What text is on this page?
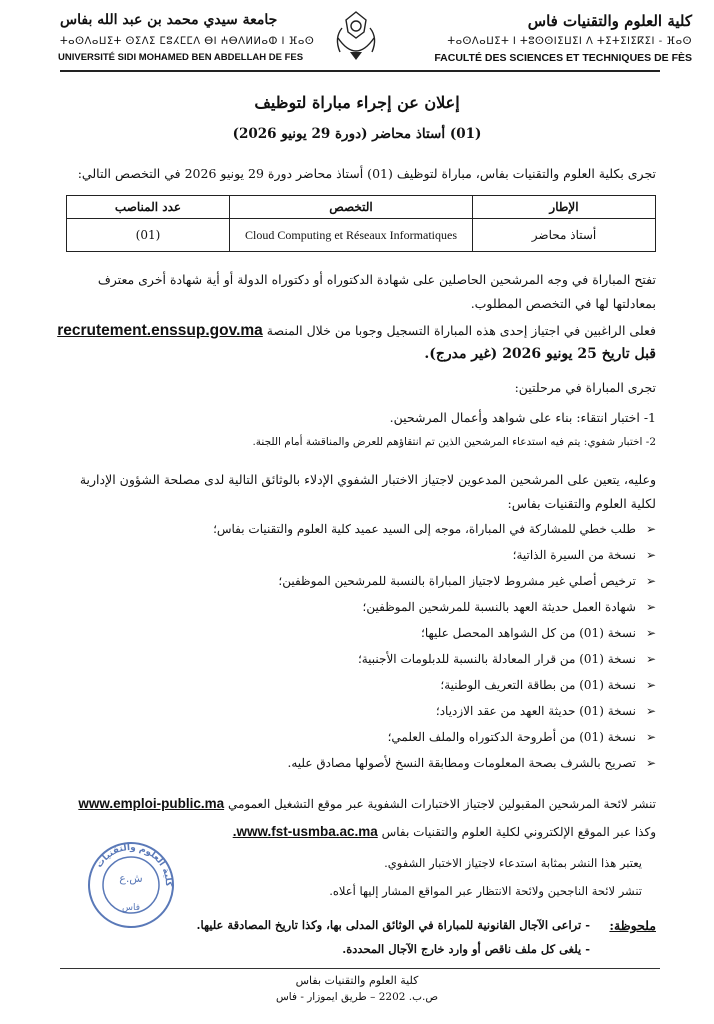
كلية العلوم والتقنيات فاس
ⵜⴰⵙⴷⴰⵡⵉⵜ ⵏ ⵜⵓⵙⵙⵏⵉⵡⵉⵏ ⴷ ⵜⵉⵜⵉⵏⵉⴽⵉⵏ - ⴼⴰⵙ
FACULTÉ DES SCIENCES ET TECHNIQUES DE FÈS
جامعة سيدي محمد بن عبد الله بفاس
ⵜⴰⵙⴷⴰⵡⵉⵜ ⵙⵉⴷⵉ ⵎⵓⵃⵎⵎⴷ ⴱⵏ ⵄⴱⴷⵍⵍⴰⵀ ⵏ ⴼⴰⵙ
UNIVERSITÉ SIDI MOHAMED BEN ABDELLAH DE FES
إعلان عن إجراء مباراة لتوظيف
(01) أستاذ محاضر (دورة 29 يونيو 2026)
تجرى بكلية العلوم والتقنيات بفاس، مباراة لتوظيف (01) أستاذ محاضر دورة 29 يونيو 2026 في التخصص التالي:
الإطار	التخصص	عدد المناصب
أستاذ محاضر	Cloud Computing et Réseaux Informatiques	(01)
تفتح المباراة في وجه المرشحين الحاصلين على شهادة الدكتوراه أو دكتوراه الدولة أو أية شهادة أخرى معترف بمعادلتها لها في التخصص المطلوب.
فعلى الراغبين في اجتياز إحدى هذه المباراة التسجيل وجوبا من خلال المنصة recrutement.enssup.gov.ma
قبل تاريخ 25 يونيو 2026 (غير مدرج).
تجرى المباراة في مرحلتين:
1- اختبار انتقاء: بناء على شواهد وأعمال المرشحين.
2- اختبار شفوي: يتم فيه استدعاء المرشحين الذين تم انتقاؤهم للعرض والمناقشة أمام اللجنة.
وعليه، يتعين على المرشحين المدعوين لاجتياز الاختبار الشفوي الإدلاء بالوثائق التالية لدى مصلحة الشؤون الإدارية لكلية العلوم والتقنيات بفاس:
➢طلب خطي للمشاركة في المباراة، موجه إلى السيد عميد كلية العلوم والتقنيات بفاس؛
➢نسخة من السيرة الذاتية؛
➢ترخيص أصلي غير مشروط لاجتياز المباراة بالنسبة للمرشحين الموظفين؛
➢شهادة العمل حديثة العهد بالنسبة للمرشحين الموظفين؛
➢نسخة (01) من كل الشواهد المحصل عليها؛
➢نسخة (01) من قرار المعادلة بالنسبة للدبلومات الأجنبية؛
➢نسخة (01) من بطاقة التعريف الوطنية؛
➢نسخة (01) حديثة العهد من عقد الازدياد؛
➢نسخة (01) من أطروحة الدكتوراه والملف العلمي؛
➢تصريح بالشرف بصحة المعلومات ومطابقة النسخ لأصولها مصادق عليه.
تنشر لائحة المرشحين المقبولين لاجتياز الاختبارات الشفوية عبر موقع التشغيل العمومي www.emploi-public.ma
وكذا عبر الموقع الإلكتروني لكلية العلوم والتقنيات بفاس www.fst-usmba.ac.ma.
يعتبر هذا النشر بمثابة استدعاء لاجتياز الاختبار الشفوي.
تنشر لائحة الناجحين ولائحة الانتظار عبر المواقع المشار إليها أعلاه.
ملحوظة:
- تراعى الآجال القانونية للمباراة في الوثائق المدلى بها، وكذا تاريخ المصادقة عليها.
- يلغى كل ملف ناقص أو وارد خارج الآجال المحددة.
كلية العلوم والتقنيات
ش.ع
فاس
كلية العلوم والتقنيات بفاس
ص.ب. 2202 – طريق ايموزار - فاس
